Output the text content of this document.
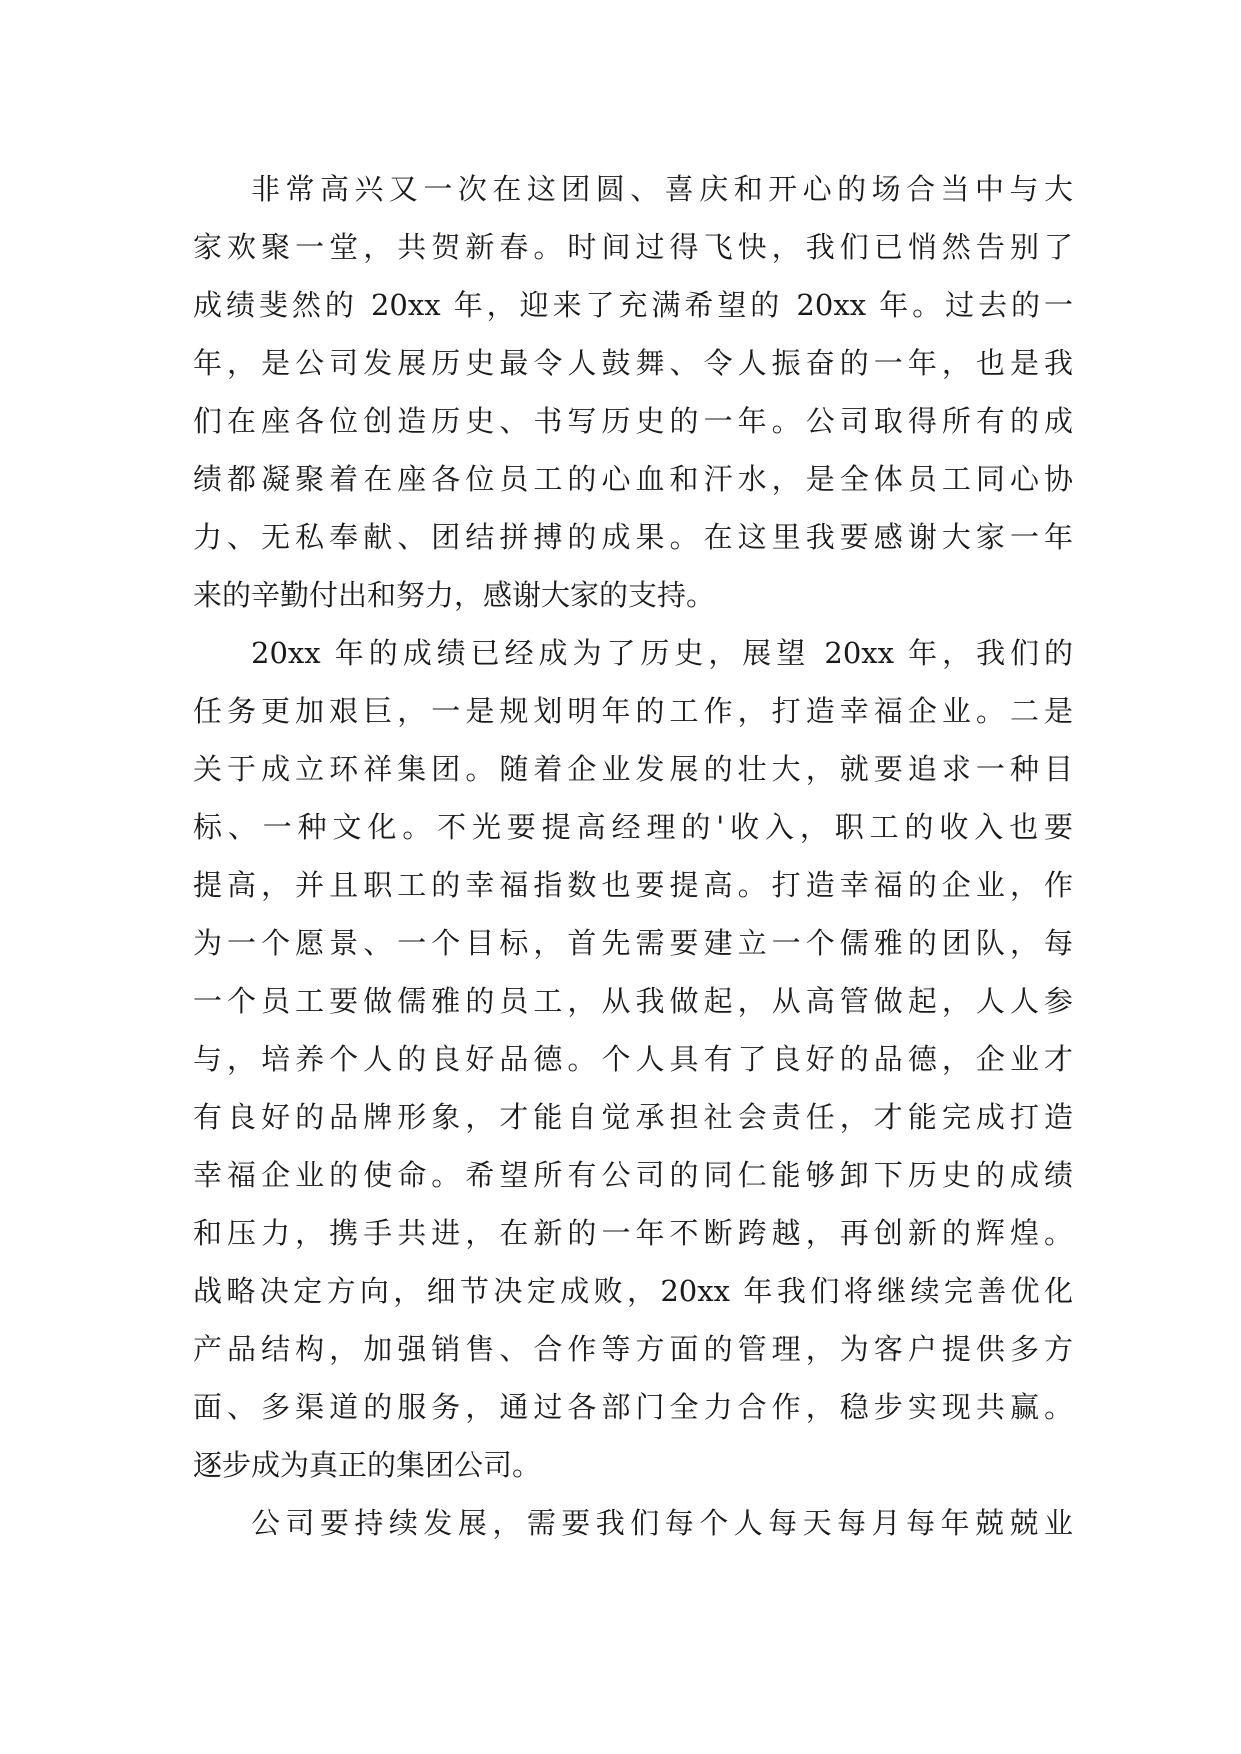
非常高兴又一次在这团圆、喜庆和开心的场合当中与大
家欢聚一堂，共贺新春。时间过得飞快，我们已悄然告别了
成绩斐然的 20xx 年，迎来了充满希望的 20xx 年。过去的一
年，是公司发展历史最令人鼓舞、令人振奋的一年，也是我
们在座各位创造历史、书写历史的一年。公司取得所有的成
绩都凝聚着在座各位员工的心血和汗水，是全体员工同心协
力、无私奉献、团结拼搏的成果。在这里我要感谢大家一年
来的辛勤付出和努力，感谢大家的支持。
20xx 年的成绩已经成为了历史，展望 20xx 年，我们的
任务更加艰巨，一是规划明年的工作，打造幸福企业。二是
关于成立环祥集团。随着企业发展的壮大，就要追求一种目
标、一种文化。不光要提高经理的'收入，职工的收入也要
提高，并且职工的幸福指数也要提高。打造幸福的企业，作
为一个愿景、一个目标，首先需要建立一个儒雅的团队，每
一个员工要做儒雅的员工，从我做起，从高管做起，人人参
与，培养个人的良好品德。个人具有了良好的品德，企业才
有良好的品牌形象，才能自觉承担社会责任，才能完成打造
幸福企业的使命。希望所有公司的同仁能够卸下历史的成绩
和压力，携手共进，在新的一年不断跨越，再创新的辉煌。
战略决定方向，细节决定成败，20xx 年我们将继续完善优化
产品结构，加强销售、合作等方面的管理，为客户提供多方
面、多渠道的服务，通过各部门全力合作，稳步实现共赢。
逐步成为真正的集团公司。
公司要持续发展，需要我们每个人每天每月每年兢兢业
